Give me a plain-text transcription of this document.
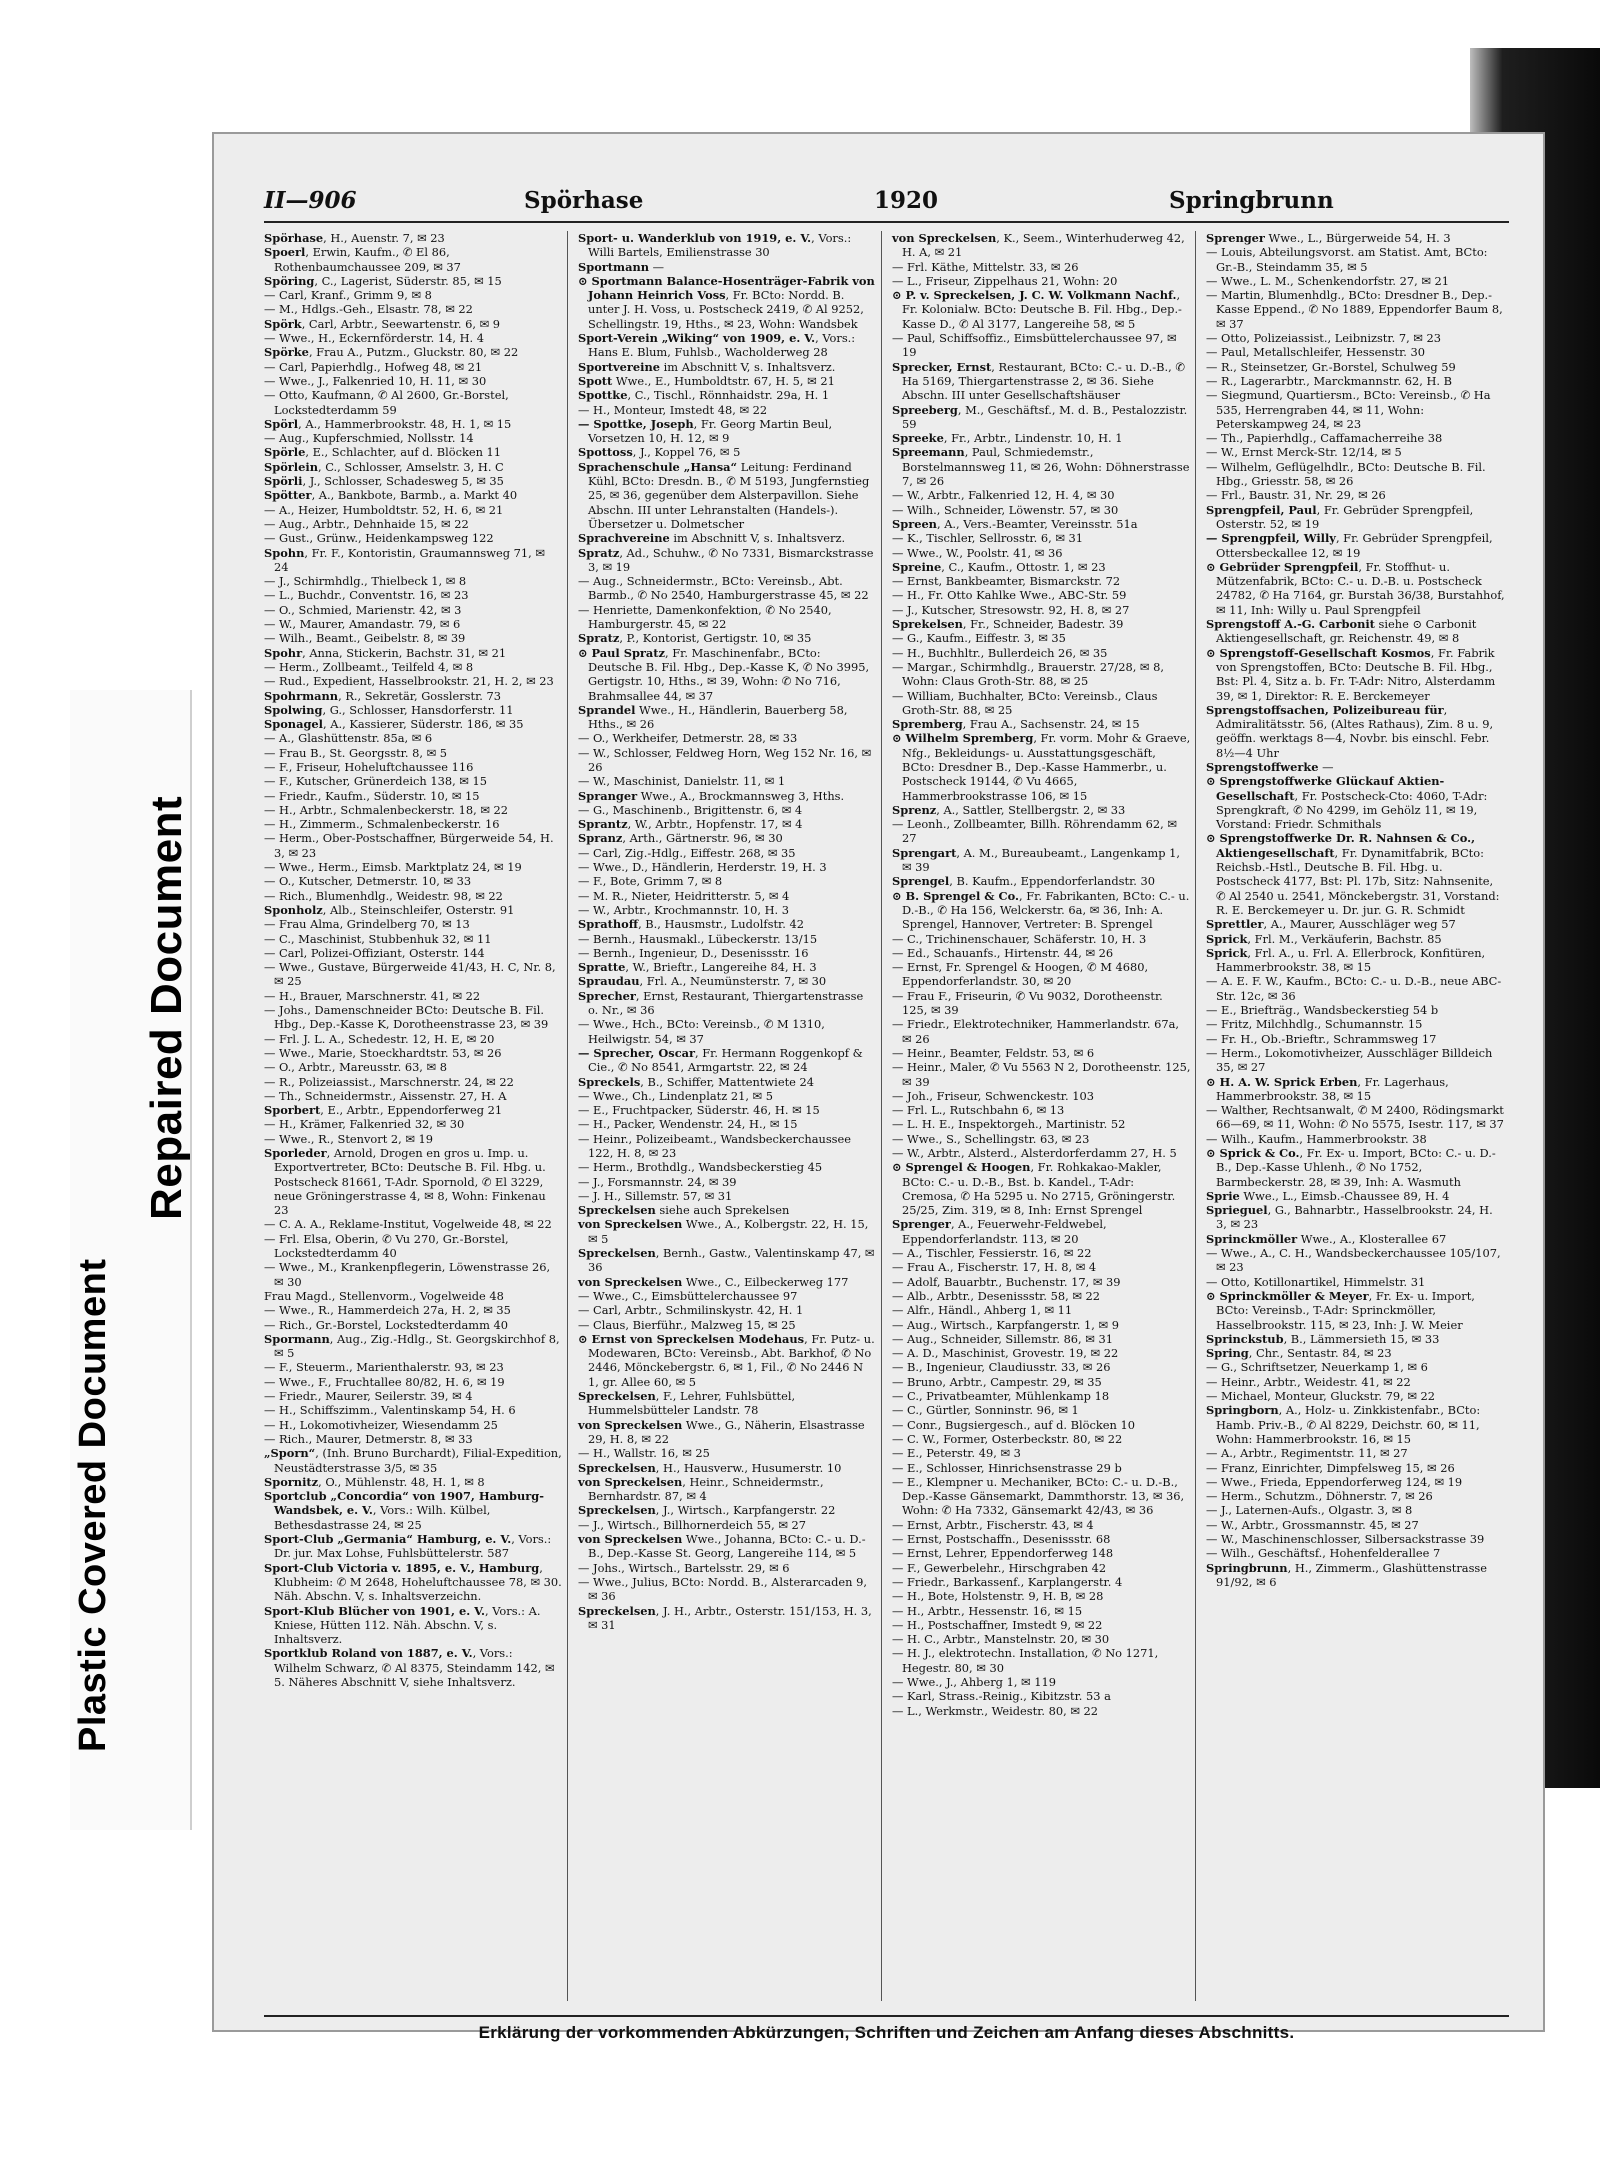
Plastic Covered Document
Repaired Document
II—906	Spörhase	1920	Springbrunn

Spörhase, H., Auenstr. 7, ✉ 23

Spoerl, Erwin, Kaufm., ✆ El 86, Rothenbaumchaussee 209, ✉ 37

Spöring, C., Lagerist, Süderstr. 85, ✉ 15

— Carl, Kranf., Grimm 9, ✉ 8

— M., Hdlgs.-Geh., Elsastr. 78, ✉ 22

Spörk, Carl, Arbtr., Seewartenstr. 6, ✉ 9

— Wwe., H., Eckernförderstr. 14, H. 4

Spörke, Frau A., Putzm., Gluckstr. 80, ✉ 22

— Carl, Papierhdlg., Hofweg 48, ✉ 21

— Wwe., J., Falkenried 10, H. 11, ✉ 30

— Otto, Kaufmann, ✆ Al 2600, Gr.-Borstel, Lockstedterdamm 59

Spörl, A., Hammerbrookstr. 48, H. 1, ✉ 15

— Aug., Kupferschmied, Nollsstr. 14

Spörle, E., Schlachter, auf d. Blöcken 11

Spörlein, C., Schlosser, Amselstr. 3, H. C

Spörli, J., Schlosser, Schadesweg 5, ✉ 35

Spötter, A., Bankbote, Barmb., a. Markt 40

— A., Heizer, Humboldtstr. 52, H. 6, ✉ 21

— Aug., Arbtr., Dehnhaide 15, ✉ 22

— Gust., Grünw., Heidenkampsweg 122

Spohn, Fr. F., Kontoristin, Graumannsweg 71, ✉ 24

— J., Schirmhdlg., Thielbeck 1, ✉ 8

— L., Buchdr., Conventstr. 16, ✉ 23

— O., Schmied, Marienstr. 42, ✉ 3

— W., Maurer, Amandastr. 79, ✉ 6

— Wilh., Beamt., Geibelstr. 8, ✉ 39

Spohr, Anna, Stickerin, Bachstr. 31, ✉ 21

— Herm., Zollbeamt., Teilfeld 4, ✉ 8

— Rud., Expedient, Hasselbrookstr. 21, H. 2, ✉ 23

Spohrmann, R., Sekretär, Gosslerstr. 73

Spolwing, G., Schlosser, Hansdorferstr. 11

Sponagel, A., Kassierer, Süderstr. 186, ✉ 35

— A., Glashüttenstr. 85a, ✉ 6

— Frau B., St. Georgsstr. 8, ✉ 5

— F., Friseur, Hoheluftchaussee 116

— F., Kutscher, Grünerdeich 138, ✉ 15

— Friedr., Kaufm., Süderstr. 10, ✉ 15

— H., Arbtr., Schmalenbeckerstr. 18, ✉ 22

— H., Zimmerm., Schmalenbeckerstr. 16

— Herm., Ober-Postschaffner, Bürgerweide 54, H. 3, ✉ 23

— Wwe., Herm., Eimsb. Marktplatz 24, ✉ 19

— O., Kutscher, Detmerstr. 10, ✉ 33

— Rich., Blumenhdlg., Weidestr. 98, ✉ 22

Sponholz, Alb., Steinschleifer, Osterstr. 91

— Frau Alma, Grindelberg 70, ✉ 13

— C., Maschinist, Stubbenhuk 32, ✉ 11

— Carl, Polizei-Offiziant, Osterstr. 144

— Wwe., Gustave, Bürgerweide 41/43, H. C, Nr. 8, ✉ 25

— H., Brauer, Marschnerstr. 41, ✉ 22

— Johs., Damenschneider BCto: Deutsche B. Fil. Hbg., Dep.-Kasse K, Dorotheenstrasse 23, ✉ 39

— Frl. J. L. A., Schedestr. 12, H. E, ✉ 20

— Wwe., Marie, Stoeckhardtstr. 53, ✉ 26

— O., Arbtr., Mareusstr. 63, ✉ 8

— R., Polizeiassist., Marschnerstr. 24, ✉ 22

— Th., Schneidermstr., Aissenstr. 27, H. A

Sporbert, E., Arbtr., Eppendorferweg 21

— H., Krämer, Falkenried 32, ✉ 30

— Wwe., R., Stenvort 2, ✉ 19

Sporleder, Arnold, Drogen en gros u. Imp. u. Exportvertreter, BCto: Deutsche B. Fil. Hbg. u. Postscheck 81661, T-Adr. Spornold, ✆ El 3229, neue Gröningerstrasse 4, ✉ 8, Wohn: Finkenau 23

— C. A. A., Reklame-Institut, Vogelweide 48, ✉ 22

— Frl. Elsa, Oberin, ✆ Vu 270, Gr.-Borstel, Lockstedterdamm 40

— Wwe., M., Krankenpflegerin, Löwenstrasse 26, ✉ 30

Frau Magd., Stellenvorm., Vogelweide 48

— Wwe., R., Hammerdeich 27a, H. 2, ✉ 35

— Rich., Gr.-Borstel, Lockstedterdamm 40

Spormann, Aug., Zig.-Hdlg., St. Georgskirchhof 8, ✉ 5

— F., Steuerm., Marienthalerstr. 93, ✉ 23

— Wwe., F., Fruchtallee 80/82, H. 6, ✉ 19

— Friedr., Maurer, Seilerstr. 39, ✉ 4

— H., Schiffszimm., Valentinskamp 54, H. 6

— H., Lokomotivheizer, Wiesendamm 25

— Rich., Maurer, Detmerstr. 8, ✉ 33

„Sporn“, (Inh. Bruno Burchardt), Filial-Expedition, Neustädterstrasse 3/5, ✉ 35

Spornitz, O., Mühlenstr. 48, H. 1, ✉ 8

Sportclub „Concordia“ von 1907, Hamburg-Wandsbek, e. V., Vors.: Wilh. Külbel, Bethesdastrasse 24, ✉ 25

Sport-Club „Germania“ Hamburg, e. V., Vors.: Dr. jur. Max Lohse, Fuhlsbüttelerstr. 587

Sport-Club Victoria v. 1895, e. V., Hamburg, Klubheim: ✆ M 2648, Hoheluftchaussee 78, ✉ 30. Näh. Abschn. V, s. Inhaltsverzeichn.

Sport-Klub Blücher von 1901, e. V., Vors.: A. Kniese, Hütten 112. Näh. Abschn. V, s. Inhaltsverz.

Sportklub Roland von 1887, e. V., Vors.: Wilhelm Schwarz, ✆ Al 8375, Steindamm 142, ✉ 5. Näheres Abschnitt V, siehe Inhaltsverz.

Sport- u. Wanderklub von 1919, e. V., Vors.: Willi Bartels, Emilienstrasse 30

Sportmann —

⊙ Sportmann Balance-Hosenträger-Fabrik von Johann Heinrich Voss, Fr. BCto: Nordd. B. unter J. H. Voss, u. Postscheck 2419, ✆ Al 9252, Schellingstr. 19, Hths., ✉ 23, Wohn: Wandsbek

Sport-Verein „Wiking“ von 1909, e. V., Vors.: Hans E. Blum, Fuhlsb., Wacholderweg 28

Sportvereine im Abschnitt V, s. Inhaltsverz.

Spott Wwe., E., Humboldtstr. 67, H. 5, ✉ 21

Spottke, C., Tischl., Rönnhaidstr. 29a, H. 1

— H., Monteur, Imstedt 48, ✉ 22

— Spottke, Joseph, Fr. Georg Martin Beul, Vorsetzen 10, H. 12, ✉ 9

Spottoss, J., Koppel 76, ✉ 5

Sprachenschule „Hansa“ Leitung: Ferdinand Kühl, BCto: Dresdn. B., ✆ M 5193, Jungfernstieg 25, ✉ 36, gegenüber dem Alsterpavillon. Siehe Abschn. III unter Lehranstalten (Handels-). Übersetzer u. Dolmetscher

Sprachvereine im Abschnitt V, s. Inhaltsverz.

Spratz, Ad., Schuhw., ✆ No 7331, Bismarckstrasse 3, ✉ 19

— Aug., Schneidermstr., BCto: Vereinsb., Abt. Barmb., ✆ No 2540, Hamburgerstrasse 45, ✉ 22

— Henriette, Damenkonfektion, ✆ No 2540, Hamburgerstr. 45, ✉ 22

Spratz, P., Kontorist, Gertigstr. 10, ✉ 35

⊙ Paul Spratz, Fr. Maschinenfabr., BCto: Deutsche B. Fil. Hbg., Dep.-Kasse K, ✆ No 3995, Gertigstr. 10, Hths., ✉ 39, Wohn: ✆ No 716, Brahmsallee 44, ✉ 37

Sprandel Wwe., H., Händlerin, Bauerberg 58, Hths., ✉ 26

— O., Werkheifer, Detmerstr. 28, ✉ 33

— W., Schlosser, Feldweg Horn, Weg 152 Nr. 16, ✉ 26

— W., Maschinist, Danielstr. 11, ✉ 1

Spranger Wwe., A., Brockmannsweg 3, Hths.

— G., Maschinenb., Brigittenstr. 6, ✉ 4

Sprantz, W., Arbtr., Hopfenstr. 17, ✉ 4

Spranz, Arth., Gärtnerstr. 96, ✉ 30

— Carl, Zig.-Hdlg., Eiffestr. 268, ✉ 35

— Wwe., D., Händlerin, Herderstr. 19, H. 3

— F., Bote, Grimm 7, ✉ 8

— M. R., Nieter, Heidritterstr. 5, ✉ 4

— W., Arbtr., Krochmannstr. 10, H. 3

Sprathoff, B., Hausmstr., Ludolfstr. 42

— Bernh., Hausmakl., Lübeckerstr. 13/15

— Bernh., Ingenieur, D., Desenissstr. 16

Spratte, W., Brieftr., Langereihe 84, H. 3

Spraudau, Frl. A., Neumünsterstr. 7, ✉ 30

Sprecher, Ernst, Restaurant, Thiergartenstrasse o. Nr., ✉ 36

— Wwe., Hch., BCto: Vereinsb., ✆ M 1310, Heilwigstr. 54, ✉ 37

— Sprecher, Oscar, Fr. Hermann Roggenkopf & Cie., ✆ No 8541, Armgartstr. 22, ✉ 24

Spreckels, B., Schiffer, Mattentwiete 24

— Wwe., Ch., Lindenplatz 21, ✉ 5

— E., Fruchtpacker, Süderstr. 46, H. ✉ 15

— H., Packer, Wendenstr. 24, H., ✉ 15

— Heinr., Polizeibeamt., Wandsbeckerchaussee 122, H. 8, ✉ 23

— Herm., Brothdlg., Wandsbeckerstieg 45

— J., Forsmannstr. 24, ✉ 39

— J. H., Sillemstr. 57, ✉ 31

Spreckelsen siehe auch Sprekelsen

von Spreckelsen Wwe., A., Kolbergstr. 22, H. 15, ✉ 5

Spreckelsen, Bernh., Gastw., Valentinskamp 47, ✉ 36

von Spreckelsen Wwe., C., Eilbeckerweg 177

— Wwe., C., Eimsbüttelerchaussee 97

— Carl, Arbtr., Schmilinskystr. 42, H. 1

— Claus, Bierführ., Malzweg 15, ✉ 25

⊙ Ernst von Spreckelsen Modehaus, Fr. Putz- u. Modewaren, BCto: Vereinsb., Abt. Barkhof, ✆ No 2446, Mönckebergstr. 6, ✉ 1, Fil., ✆ No 2446 N 1, gr. Allee 60, ✉ 5

Spreckelsen, F., Lehrer, Fuhlsbüttel, Hummelsbütteler Landstr. 78

von Spreckelsen Wwe., G., Näherin, Elsastrasse 29, H. 8, ✉ 22

— H., Wallstr. 16, ✉ 25

Spreckelsen, H., Hausverw., Husumerstr. 10

von Spreckelsen, Heinr., Schneidermstr., Bernhardstr. 87, ✉ 4

Spreckelsen, J., Wirtsch., Karpfangerstr. 22

— J., Wirtsch., Billhornerdeich 55, ✉ 27

von Spreckelsen Wwe., Johanna, BCto: C.- u. D.-B., Dep.-Kasse St. Georg, Langereihe 114, ✉ 5

— Johs., Wirtsch., Bartelsstr. 29, ✉ 6

— Wwe., Julius, BCto: Nordd. B., Alsterarcaden 9, ✉ 36

Spreckelsen, J. H., Arbtr., Osterstr. 151/153, H. 3, ✉ 31

von Spreckelsen, K., Seem., Winterhuderweg 42, H. A, ✉ 21

— Frl. Käthe, Mittelstr. 33, ✉ 26

— L., Friseur, Zippelhaus 21, Wohn: 20

⊙ P. v. Spreckelsen, J. C. W. Volkmann Nachf., Fr. Kolonialw. BCto: Deutsche B. Fil. Hbg., Dep.-Kasse D., ✆ Al 3177, Langereihe 58, ✉ 5

— Paul, Schiffsoffiz., Eimsbüttelerchaussee 97, ✉ 19

Sprecker, Ernst, Restaurant, BCto: C.- u. D.-B., ✆ Ha 5169, Thiergartenstrasse 2, ✉ 36. Siehe Abschn. III unter Gesellschaftshäuser

Spreeberg, M., Geschäftsf., M. d. B., Pestalozzistr. 59

Spreeke, Fr., Arbtr., Lindenstr. 10, H. 1

Spreemann, Paul, Schmiedemstr., Borstelmannsweg 11, ✉ 26, Wohn: Döhnerstrasse 7, ✉ 26

— W., Arbtr., Falkenried 12, H. 4, ✉ 30

— Wilh., Schneider, Löwenstr. 57, ✉ 30

Spreen, A., Vers.-Beamter, Vereinsstr. 51a

— K., Tischler, Sellrosstr. 6, ✉ 31

— Wwe., W., Poolstr. 41, ✉ 36

Spreine, C., Kaufm., Ottostr. 1, ✉ 23

— Ernst, Bankbeamter, Bismarckstr. 72

— H., Fr. Otto Kahlke Wwe., ABC-Str. 59

— J., Kutscher, Stresowstr. 92, H. 8, ✉ 27

Sprekelsen, Fr., Schneider, Badestr. 39

— G., Kaufm., Eiffestr. 3, ✉ 35

— H., Buchhltr., Bullerdeich 26, ✉ 35

— Margar., Schirmhdlg., Brauerstr. 27/28, ✉ 8, Wohn: Claus Groth-Str. 88, ✉ 25

— William, Buchhalter, BCto: Vereinsb., Claus Groth-Str. 88, ✉ 25

Spremberg, Frau A., Sachsenstr. 24, ✉ 15

⊙ Wilhelm Spremberg, Fr. vorm. Mohr & Graeve, Nfg., Bekleidungs- u. Ausstattungsgeschäft, BCto: Dresdner B., Dep.-Kasse Hammerbr., u. Postscheck 19144, ✆ Vu 4665, Hammerbrookstrasse 106, ✉ 15

Sprenz, A., Sattler, Stellbergstr. 2, ✉ 33

— Leonh., Zollbeamter, Billh. Röhrendamm 62, ✉ 27

Sprengart, A. M., Bureaubeamt., Langenkamp 1, ✉ 39

Sprengel, B. Kaufm., Eppendorferlandstr. 30

⊙ B. Sprengel & Co., Fr. Fabrikanten, BCto: C.- u. D.-B., ✆ Ha 156, Welckerstr. 6a, ✉ 36, Inh: A. Sprengel, Hannover, Vertreter: B. Sprengel

— C., Trichinenschauer, Schäferstr. 10, H. 3

— Ed., Schauanfs., Hirtenstr. 44, ✉ 26

— Ernst, Fr. Sprengel & Hoogen, ✆ M 4680, Eppendorferlandstr. 30, ✉ 20

— Frau F., Friseurin, ✆ Vu 9032, Dorotheenstr. 125, ✉ 39

— Friedr., Elektrotechniker, Hammerlandstr. 67a, ✉ 26

— Heinr., Beamter, Feldstr. 53, ✉ 6

— Heinr., Maler, ✆ Vu 5563 N 2, Dorotheenstr. 125, ✉ 39

— Joh., Friseur, Schwenckestr. 103

— Frl. L., Rutschbahn 6, ✉ 13

— L. H. E., Inspektorgeh., Martinistr. 52

— Wwe., S., Schellingstr. 63, ✉ 23

— W., Arbtr., Alsterd., Alsterdorferdamm 27, H. 5

⊙ Sprengel & Hoogen, Fr. Rohkakao-Makler, BCto: C.- u. D.-B., Bst. b. Kandel., T-Adr: Cremosa, ✆ Ha 5295 u. No 2715, Gröningerstr. 25/25, Zim. 319, ✉ 8, Inh: Ernst Sprengel

Sprenger, A., Feuerwehr-Feldwebel, Eppendorferlandstr. 113, ✉ 20

— A., Tischler, Fessierstr. 16, ✉ 22

— Frau A., Fischerstr. 17, H. 8, ✉ 4

— Adolf, Bauarbtr., Buchenstr. 17, ✉ 39

— Alb., Arbtr., Desenissstr. 58, ✉ 22

— Alfr., Händl., Ahberg 1, ✉ 11

— Aug., Wirtsch., Karpfangerstr. 1, ✉ 9

— Aug., Schneider, Sillemstr. 86, ✉ 31

— A. D., Maschinist, Grovestr. 19, ✉ 22

— B., Ingenieur, Claudiusstr. 33, ✉ 26

— Bruno, Arbtr., Campestr. 29, ✉ 35

— C., Privatbeamter, Mühlenkamp 18

— C., Gürtler, Sonninstr. 96, ✉ 1

— Conr., Bugsiergesch., auf d. Blöcken 10

— C. W., Former, Osterbeckstr. 80, ✉ 22

— E., Peterstr. 49, ✉ 3

— E., Schlosser, Hinrichsenstrasse 29 b

— E., Klempner u. Mechaniker, BCto: C.- u. D.-B., Dep.-Kasse Gänsemarkt, Dammthorstr. 13, ✉ 36, Wohn: ✆ Ha 7332, Gänsemarkt 42/43, ✉ 36

— Ernst, Arbtr., Fischerstr. 43, ✉ 4

— Ernst, Postschaffn., Desenissstr. 68

— Ernst, Lehrer, Eppendorferweg 148

— F., Gewerbelehr., Hirschgraben 42

— Friedr., Barkassenf., Karplangerstr. 4

— H., Bote, Holstenstr. 9, H. B, ✉ 28

— H., Arbtr., Hessenstr. 16, ✉ 15

— H., Postschaffner, Imstedt 9, ✉ 22

— H. C., Arbtr., Manstelnstr. 20, ✉ 30

— H. J., elektrotechn. Installation, ✆ No 1271, Hegestr. 80, ✉ 30

— Wwe., J., Ahberg 1, ✉ 119

— Karl, Strass.-Reinig., Kibitzstr. 53 a

— L., Werkmstr., Weidestr. 80, ✉ 22

Sprenger Wwe., L., Bürgerweide 54, H. 3

— Louis, Abteilungsvorst. am Statist. Amt, BCto: Gr.-B., Steindamm 35, ✉ 5

— Wwe., L. M., Schenkendorfstr. 27, ✉ 21

— Martin, Blumenhdlg., BCto: Dresdner B., Dep.-Kasse Eppend., ✆ No 1889, Eppendorfer Baum 8, ✉ 37

— Otto, Polizeiassist., Leibnizstr. 7, ✉ 23

— Paul, Metallschleifer, Hessenstr. 30

— R., Steinsetzer, Gr.-Borstel, Schulweg 59

— R., Lagerarbtr., Marckmannstr. 62, H. B

— Siegmund, Quartiersm., BCto: Vereinsb., ✆ Ha 535, Herrengraben 44, ✉ 11, Wohn: Peterskampweg 24, ✉ 23

— Th., Papierhdlg., Caffamacherreihe 38

— W., Ernst Merck-Str. 12/14, ✉ 5

— Wilhelm, Geflügelhdlr., BCto: Deutsche B. Fil. Hbg., Griesstr. 58, ✉ 26

— Frl., Baustr. 31, Nr. 29, ✉ 26

Sprengpfeil, Paul, Fr. Gebrüder Sprengpfeil, Osterstr. 52, ✉ 19

— Sprengpfeil, Willy, Fr. Gebrüder Sprengpfeil, Ottersbeckallee 12, ✉ 19

⊙ Gebrüder Sprengpfeil, Fr. Stoffhut- u. Mützenfabrik, BCto: C.- u. D.-B. u. Postscheck 24782, ✆ Ha 7164, gr. Burstah 36/38, Burstahhof, ✉ 11, Inh: Willy u. Paul Sprengpfeil

Sprengstoff A.-G. Carbonit siehe ⊙ Carbonit Aktiengesellschaft, gr. Reichenstr. 49, ✉ 8

⊙ Sprengstoff-Gesellschaft Kosmos, Fr. Fabrik von Sprengstoffen, BCto: Deutsche B. Fil. Hbg., Bst: Pl. 4, Sitz a. b. Fr. T-Adr: Nitro, Alsterdamm 39, ✉ 1, Direktor: R. E. Berckemeyer

Sprengstoffsachen, Polizeibureau für, Admiralitätsstr. 56, (Altes Rathaus), Zim. 8 u. 9, geöffn. werktags 8—4, Novbr. bis einschl. Febr. 8½—4 Uhr

Sprengstoffwerke —

⊙ Sprengstoffwerke Glückauf Aktien-Gesellschaft, Fr. Postscheck-Cto: 4060, T-Adr: Sprengkraft, ✆ No 4299, im Gehölz 11, ✉ 19, Vorstand: Friedr. Schmithals

⊙ Sprengstoffwerke Dr. R. Nahnsen & Co., Aktiengesellschaft, Fr. Dynamitfabrik, BCto: Reichsb.-Hstl., Deutsche B. Fil. Hbg. u. Postscheck 4177, Bst: Pl. 17b, Sitz: Nahnsenite, ✆ Al 2540 u. 2541, Mönckebergstr. 31, Vorstand: R. E. Berckemeyer u. Dr. jur. G. R. Schmidt

Sprettler, A., Maurer, Ausschläger weg 57

Sprick, Frl. M., Verkäuferin, Bachstr. 85

Sprick, Frl. A., u. Frl. A. Ellerbrock, Konfitüren, Hammerbrookstr. 38, ✉ 15

— A. E. F. W., Kaufm., BCto: C.- u. D.-B., neue ABC-Str. 12c, ✉ 36

— E., Briefträg., Wandsbeckerstieg 54 b

— Fritz, Milchhdlg., Schumannstr. 15

— Fr. H., Ob.-Brieftr., Schrammsweg 17

— Herm., Lokomotivheizer, Ausschläger Billdeich 35, ✉ 27

⊙ H. A. W. Sprick Erben, Fr. Lagerhaus, Hammerbrookstr. 38, ✉ 15

— Walther, Rechtsanwalt, ✆ M 2400, Rödingsmarkt 66—69, ✉ 11, Wohn: ✆ No 5575, Isestr. 117, ✉ 37

— Wilh., Kaufm., Hammerbrookstr. 38

⊙ Sprick & Co., Fr. Ex- u. Import, BCto: C.- u. D.-B., Dep.-Kasse Uhlenh., ✆ No 1752, Barmbeckerstr. 28, ✉ 39, Inh: A. Wasmuth

Sprie Wwe., L., Eimsb.-Chaussee 89, H. 4

Sprieguel, G., Bahnarbtr., Hasselbrookstr. 24, H. 3, ✉ 23

Sprinckmöller Wwe., A., Klosterallee 67

— Wwe., A., C. H., Wandsbeckerchaussee 105/107, ✉ 23

— Otto, Kotillonartikel, Himmelstr. 31

⊙ Sprinckmöller & Meyer, Fr. Ex- u. Import, BCto: Vereinsb., T-Adr: Sprinckmöller, Hasselbrookstr. 115, ✉ 23, Inh: J. W. Meier

Sprinckstub, B., Lämmersieth 15, ✉ 33

Spring, Chr., Sentastr. 84, ✉ 23

— G., Schriftsetzer, Neuerkamp 1, ✉ 6

— Heinr., Arbtr., Weidestr. 41, ✉ 22

— Michael, Monteur, Gluckstr. 79, ✉ 22

Springborn, A., Holz- u. Zinkkistenfabr., BCto: Hamb. Priv.-B., ✆ Al 8229, Deichstr. 60, ✉ 11, Wohn: Hammerbrookstr. 16, ✉ 15

— A., Arbtr., Regimentstr. 11, ✉ 27

— Franz, Einrichter, Dimpfelsweg 15, ✉ 26

— Wwe., Frieda, Eppendorferweg 124, ✉ 19

— Herm., Schutzm., Döhnerstr. 7, ✉ 26

— J., Laternen-Aufs., Olgastr. 3, ✉ 8

— W., Arbtr., Grossmannstr. 45, ✉ 27

— W., Maschinenschlosser, Silbersackstrasse 39

— Wilh., Geschäftsf., Hohenfelderallee 7

Springbrunn, H., Zimmerm., Glashüttenstrasse 91/92, ✉ 6

Erklärung der vorkommenden Abkürzungen, Schriften und Zeichen am Anfang dieses Abschnitts.
